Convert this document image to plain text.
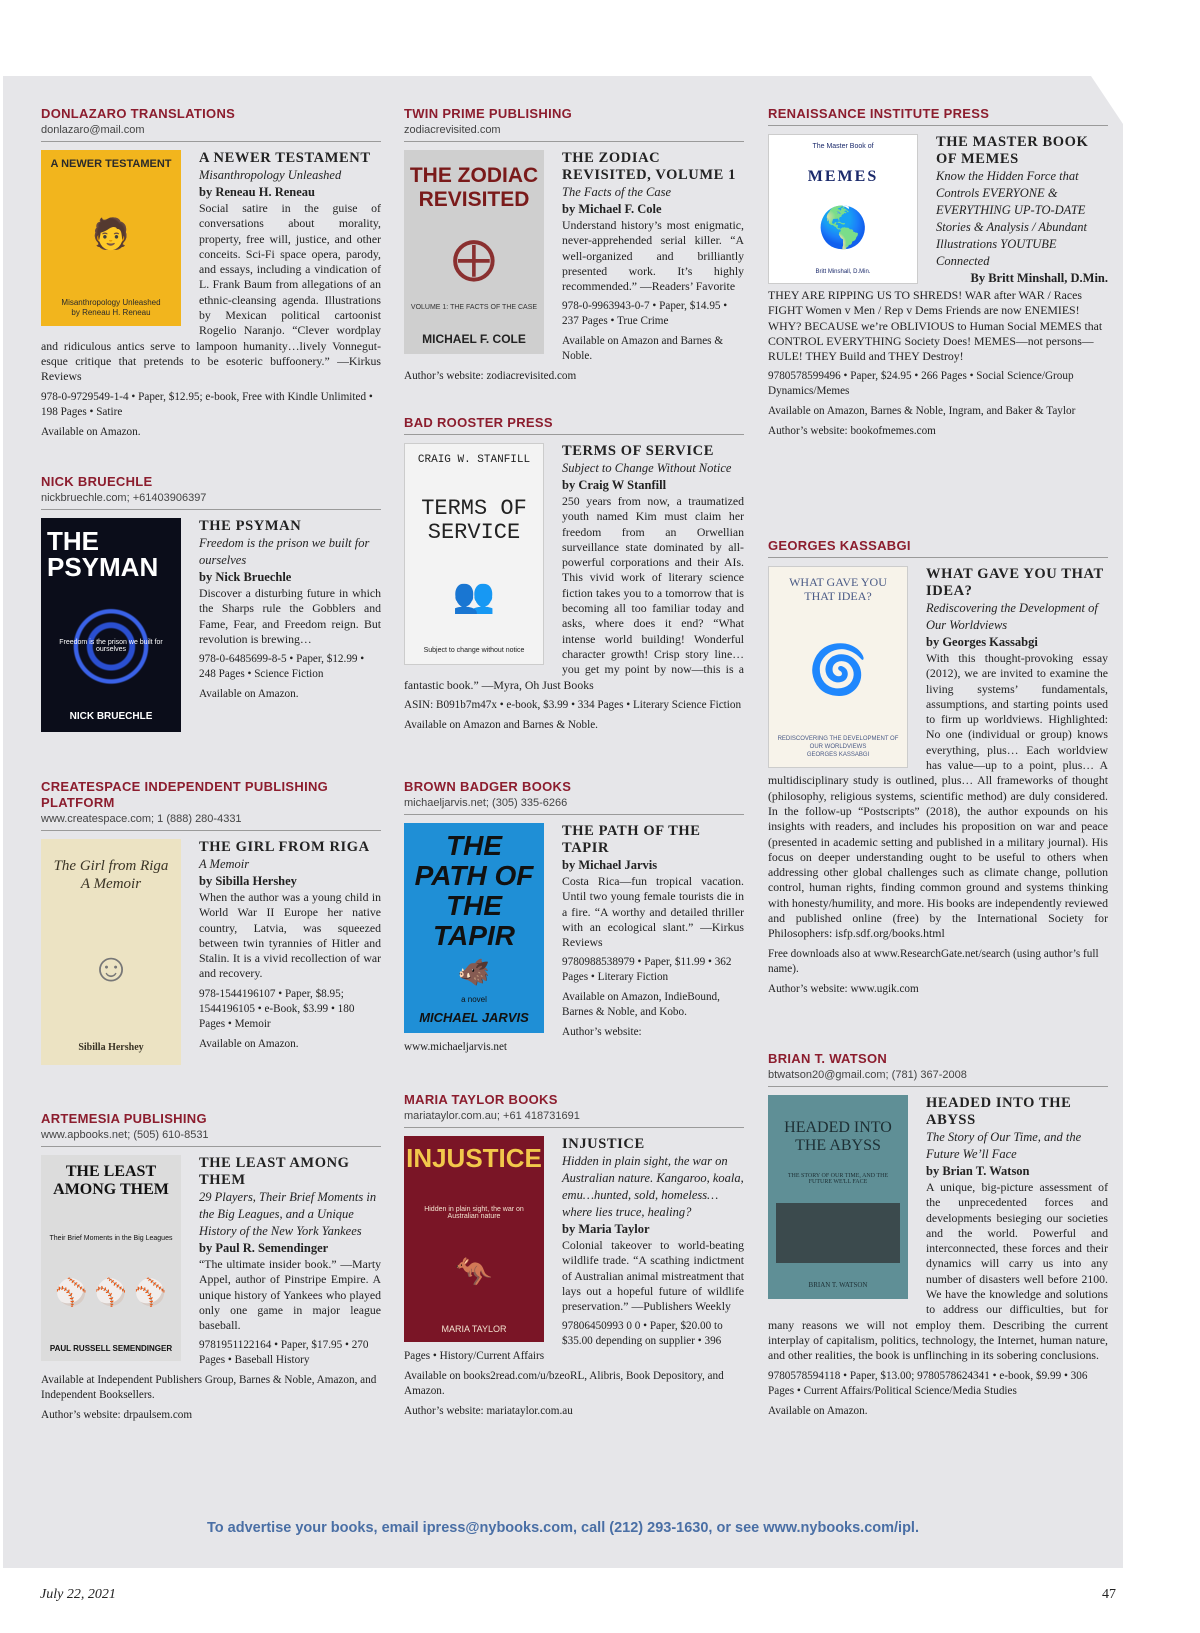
DONLAZARO TRANSLATIONS
donlazaro@mail.com
A NEWER TESTAMENT
🧑
Misanthropology Unleashed
by Reneau H. Reneau
A NEWER TESTAMENT
Misanthropology Unleashed
by Reneau H. Reneau
Social satire in the guise of conversations about morality, property, free will, justice, and other conceits. Sci-Fi space opera, parody, and essays, including a vindication of L. Frank Baum from allegations of an ethnic-cleansing agenda. Illustrations by Mexican political cartoonist Rogelio Naranjo. “Clever wordplay and ridiculous antics serve to lampoon humanity…lively Vonnegut-esque critique that pretends to be esoteric buffoonery.” —Kirkus Reviews
978-0-9729549-1-4 • Paper, $12.95; e-book, Free with Kindle Unlimited • 198 Pages • Satire
Available on Amazon.
NICK BRUECHLE
nickbruechle.com; +61403906397
THE PSYMAN
Freedom is the prison we built for ourselves
NICK BRUECHLE
THE PSYMAN
Freedom is the prison we built for ourselves
by Nick Bruechle
Discover a disturbing future in which the Sharps rule the Gobblers and Fame, Fear, and Freedom reign. But revolution is brewing…
978-0-6485699-8-5 • Paper, $12.99 • 248 Pages • Science Fiction
Available on Amazon.
CREATESPACE INDEPENDENT PUBLISHING PLATFORM
www.createspace.com; 1 (888) 280-4331
The Girl from Riga
A Memoir
☺
Sibilla Hershey
THE GIRL FROM RIGA
A Memoir
by Sibilla Hershey
When the author was a young child in World War II Europe her native country, Latvia, was squeezed between twin tyrannies of Hitler and Stalin. It is a vivid recollection of war and recovery.
978-1544196107 • Paper, $8.95; 1544196105 • e-Book, $3.99 • 180 Pages • Memoir
Available on Amazon.
ARTEMESIA PUBLISHING
www.apbooks.net; (505) 610-8531
THE LEAST AMONG THEM
Their Brief Moments in the Big Leagues
⚾ ⚾ ⚾
PAUL RUSSELL SEMENDINGER
THE LEAST AMONG THEM
29 Players, Their Brief Moments in the Big Leagues, and a Unique History of the New York Yankees
by Paul R. Semendinger
“The ultimate insider book.” —Marty Appel, author of Pinstripe Empire. A unique history of Yankees who played only one game in major league baseball.
9781951122164 • Paper, $17.95 • 270 Pages • Baseball History
Available at Independent Publishers Group, Barnes & Noble, Amazon, and Independent Booksellers.
Author’s website: drpaulsem.com
TWIN PRIME PUBLISHING
zodiacrevisited.com
THE ZODIAC REVISITED
⨁
VOLUME 1: THE FACTS OF THE CASE
MICHAEL F. COLE
THE ZODIAC REVISITED, VOLUME 1
The Facts of the Case
by Michael F. Cole
Understand history’s most enigmatic, never-apprehended serial killer. “A well-organized and brilliantly presented work. It’s highly recommended.” —Readers’ Favorite
978-0-9963943-0-7 • Paper, $14.95 • 237 Pages • True Crime
Available on Amazon and Barnes & Noble.
Author’s website: zodiacrevisited.com
BAD ROOSTER PRESS
CRAIG W. STANFILL
TERMS OF SERVICE
👥
Subject to change without notice
TERMS OF SERVICE
Subject to Change Without Notice
by Craig W Stanfill
250 years from now, a traumatized youth named Kim must claim her freedom from an Orwellian surveillance state dominated by all-powerful corporations and their AIs. This vivid work of literary science fiction takes you to a tomorrow that is becoming all too familiar today and asks, where does it end? “What intense world building! Wonderful character growth! Crisp story line…you get my point by now—this is a fantastic book.” —Myra, Oh Just Books
ASIN: B091b7m47x • e-book, $3.99 • 334 Pages • Literary Science Fiction
Available on Amazon and Barnes & Noble.
BROWN BADGER BOOKS
michaeljarvis.net; (305) 335-6266
THE PATH OF THE TAPIR
🐗
a novel
MICHAEL JARVIS
THE PATH OF THE TAPIR
by Michael Jarvis
Costa Rica—fun tropical vacation. Until two young female tourists die in a fire. “A worthy and detailed thriller with an ecological slant.” —Kirkus Reviews
9780988538979 • Paper, $11.99 • 362 Pages • Literary Fiction
Available on Amazon, IndieBound, Barnes & Noble, and Kobo.
Author’s website: www.michaeljarvis.net
MARIA TAYLOR BOOKS
mariataylor.com.au; +61 418731691
INJUSTICE
Hidden in plain sight, the war on Australian nature
🦘
MARIA TAYLOR
INJUSTICE
Hidden in plain sight, the war on Australian nature. Kangaroo, koala, emu…hunted, sold, homeless…where lies truce, healing?
by Maria Taylor
Colonial takeover to world-beating wildlife trade. “A scathing indictment of Australian animal mistreatment that lays out a hopeful future of wildlife preservation.” —Publishers Weekly
97806450993 0 0 • Paper, $20.00 to $35.00 depending on supplier • 396 Pages • History/Current Affairs
Available on books2read.com/u/bzeoRL, Alibris, Book Depository, and Amazon.
Author’s website: mariataylor.com.au
RENAISSANCE INSTITUTE PRESS
The Master Book of
MEMES
🌎
Britt Minshall, D.Min.
THE MASTER BOOK OF MEMES
Know the Hidden Force that Controls EVERYONE & EVERYTHING UP-TO-DATE Stories & Analysis / Abundant Illustrations YOUTUBE Connected
By Britt Minshall, D.Min.
THEY ARE RIPPING US TO SHREDS! WAR after WAR / Races FIGHT Women v Men / Rep v Dems Friends are now ENEMIES! WHY? BECAUSE we’re OBLIVIOUS to Human Social MEMES that CONTROL EVERYTHING Society Does! MEMES—not persons—RULE! THEY Build and THEY Destroy!
9780578599496 • Paper, $24.95 • 266 Pages • Social Science/Group Dynamics/Memes
Available on Amazon, Barnes & Noble, Ingram, and Baker & Taylor
Author’s website: bookofmemes.com
GEORGES KASSABGI
WHAT GAVE YOU THAT IDEA?
🌀
REDISCOVERING THE DEVELOPMENT OF OUR WORLDVIEWS
GEORGES KASSABGI
WHAT GAVE YOU THAT IDEA?
Rediscovering the Development of Our Worldviews
by Georges Kassabgi
With this thought-provoking essay (2012), we are invited to examine the living systems’ fundamentals, assumptions, and starting points used to firm up worldviews. Highlighted: No one (individual or group) knows everything, plus… Each worldview has value—up to a point, plus… A multidisciplinary study is outlined, plus… All frameworks of thought (philosophy, religious systems, scientific method) are duly considered. In the follow-up “Postscripts” (2018), the author expounds on his insights with readers, and includes his proposition on war and peace (presented in academic setting and published in a military journal). His focus on deeper understanding ought to be useful to others when addressing other global challenges such as climate change, pollution control, human rights, finding common ground and systems thinking with honesty/humility, and more. His books are independently reviewed and published online (free) by the International Society for Philosophers: isfp.sdf.org/books.html
Free downloads also at www.ResearchGate.net/search (using author’s full name).
Author’s website: www.ugik.com
BRIAN T. WATSON
btwatson20@gmail.com; (781) 367-2008
HEADED INTO THE ABYSS
THE STORY OF OUR TIME, AND THE FUTURE WE'LL FACE
BRIAN T. WATSON
HEADED INTO THE ABYSS
The Story of Our Time, and the Future We’ll Face
by Brian T. Watson
A unique, big-picture assessment of the unprecedented forces and developments besieging our societies and the world. Powerful and interconnected, these forces and their dynamics will carry us into any number of disasters well before 2100. We have the knowledge and solutions to address our difficulties, but for many reasons we will not employ them. Describing the current interplay of capitalism, politics, technology, the Internet, human nature, and other realities, the book is unflinching in its sobering conclusions.
9780578594118 • Paper, $13.00; 9780578624341 • e-book, $9.99 • 306 Pages • Current Affairs/Political Science/Media Studies
Available on Amazon.
To advertise your books, email ipress@nybooks.com, call (212) 293-1630, or see www.nybooks.com/ipl.
July 22, 2021	47
